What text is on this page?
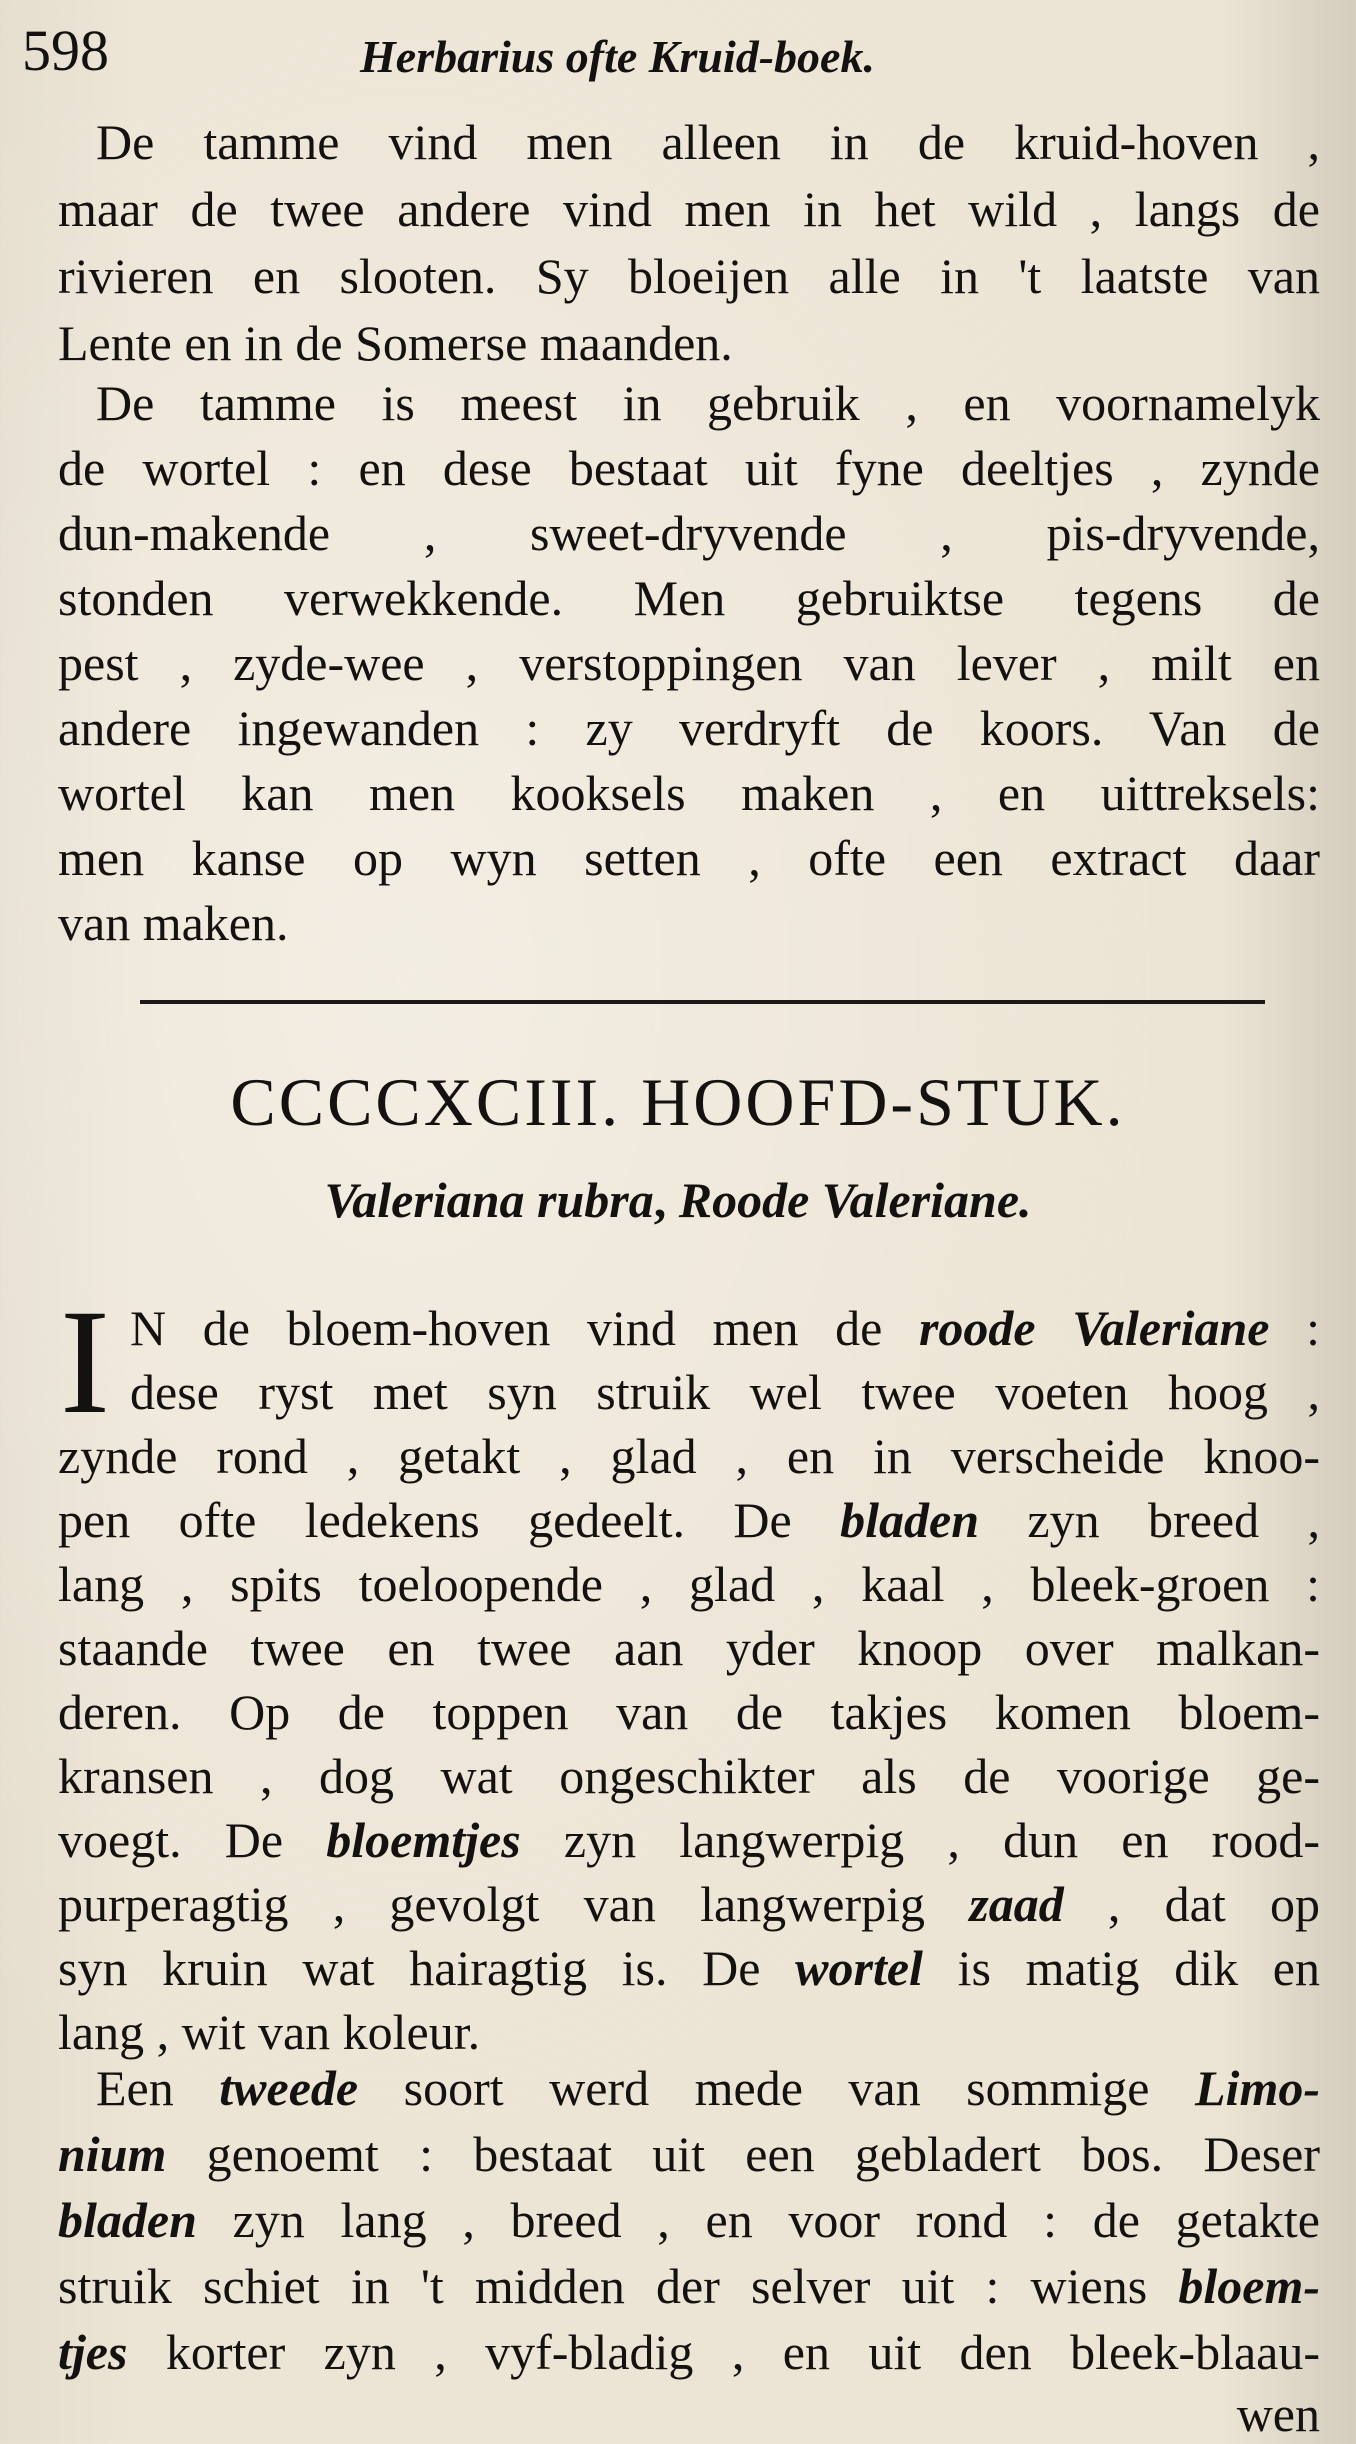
598	Herbarius ofte Kruid-boek.

De tamme vind men alleen in de kruid-hoven ,

maar de twee andere vind men in het wild , langs de

rivieren en slooten. Sy bloeijen alle in 't laatste van

Lente en in de Somerse maanden.

De tamme is meest in gebruik , en voornamelyk

de wortel : en dese bestaat uit fyne deeltjes , zynde

dun-makende , sweet-dryvende , pis-dryvende,

stonden verwekkende. Men gebruiktse tegens de

pest , zyde-wee , verstoppingen van lever , milt en

andere ingewanden : zy verdryft de koors. Van de

wortel kan men kooksels maken , en uittreksels:

men kanse op wyn setten , ofte een extract daar

van maken.

CCCCXCIII. HOOFD-STUK.
Valeriana rubra, Roode Valeriane.
I N de bloem-hoven vind men de roode Valeriane :

dese ryst met syn struik wel twee voeten hoog ,

zynde rond , getakt , glad , en in verscheide knoo-

pen ofte ledekens gedeelt. De bladen zyn breed ,

lang , spits toeloopende , glad , kaal , bleek-groen :

staande twee en twee aan yder knoop over malkan-

deren. Op de toppen van de takjes komen bloem-

kransen , dog wat ongeschikter als de voorige ge-

voegt. De bloemtjes zyn langwerpig , dun en rood-

purperagtig , gevolgt van langwerpig zaad , dat op

syn kruin wat hairagtig is. De wortel is matig dik en

lang , wit van koleur.

Een tweede soort werd mede van sommige Limo-

nium genoemt : bestaat uit een gebladert bos. Deser

bladen zyn lang , breed , en voor rond : de getakte

struik schiet in 't midden der selver uit : wiens bloem-

tjes korter zyn , vyf-bladig , en uit den bleek-blaau-

wen
